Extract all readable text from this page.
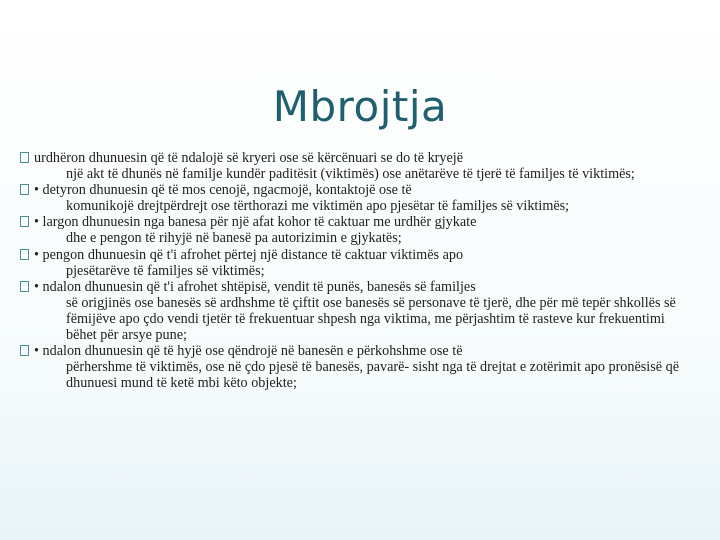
Mbrojtja
urdhëron dhunuesin që të ndalojë së kryeri ose së kërcënuari se do të kryejë
një akt të dhunës në familje kundër paditësit (viktimës) ose anëtarëve të tjerë të familjes të viktimës;
• detyron dhunuesin që të mos cenojë, ngacmojë, kontaktojë ose të
komunikojë drejtpërdrejt ose tërthorazi me viktimën apo pjesëtar të familjes së viktimës;
• largon dhunuesin nga banesa për një afat kohor të caktuar me urdhër gjykate
dhe e pengon të rihyjë në banesë pa autorizimin e gjykatës;
• pengon dhunuesin që t'i afrohet përtej një distance të caktuar viktimës apo
pjesëtarëve të familjes së viktimës;
• ndalon dhunuesin që t'i afrohet shtëpisë, vendit të punës, banesës së familjes
së origjinës ose banesës së ardhshme të çiftit ose banesës së personave të tjerë, dhe për më tepër shkollës së fëmijëve apo çdo vendi tjetër të frekuentuar shpesh nga viktima, me përjashtim të rasteve kur frekuentimi bëhet për arsye pune;
• ndalon dhunuesin që të hyjë ose qëndrojë në banesën e përkohshme ose të
përhershme të viktimës, ose në çdo pjesë të banesës, pavarë- sisht nga të drejtat e zotërimit apo pronësisë që dhunuesi mund të ketë mbi këto objekte;
